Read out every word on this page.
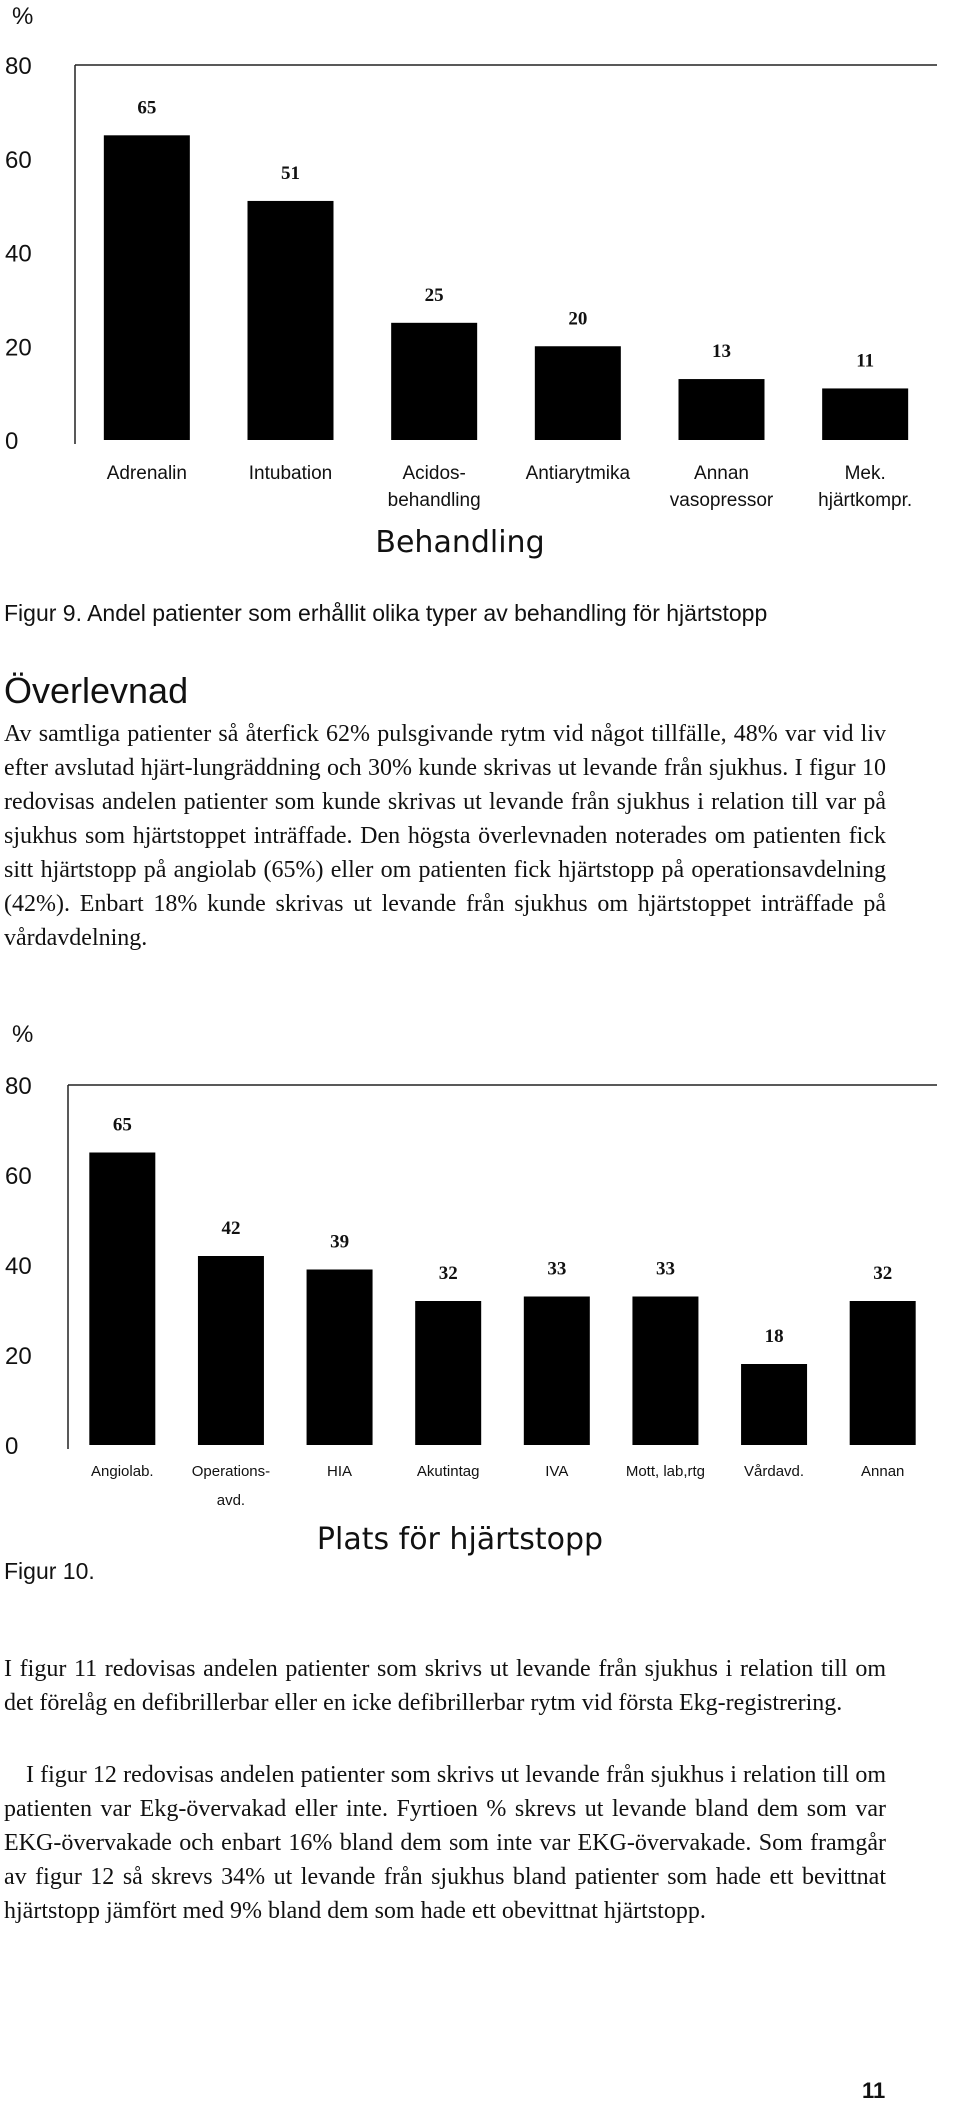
%
0
20
40
60
80
65
Adrenalin
51
Intubation
25
Acidos-
behandling
20
Antiarytmika
13
Annan
vasopressor
11
Mek.
hjärtkompr.
Behandling
Figur 9. Andel patienter som erhållit olika typer av behandling för hjärtstopp
Överlevnad

Av samtliga patienter så återfick 62% pulsgivande rytm vid något tillfälle, 48% var vid liv efter avslutad hjärt-lungräddning och 30% kunde skrivas ut levande från sjukhus. I figur 10 redovisas andelen patienter som kunde skrivas ut levande från sjukhus i relation till var på sjukhus som hjärtstoppet inträffade. Den högsta överlevnaden noterades om patienten fick sitt hjärtstopp på angiolab (65%) eller om patienten fick hjärtstopp på operationsavdelning (42%). Enbart 18% kunde skrivas ut levande från sjukhus om hjärtstoppet inträffade på vårdavdelning.

%
0
20
40
60
80
65
Angiolab.
42
Operations-
avd.
39
HIA
32
Akutintag
33
IVA
33
Mott, lab,rtg
18
Vårdavd.
32
Annan
Plats för hjärtstopp
Figur 10.

I figur 11 redovisas andelen patienter som skrivs ut levande från sjukhus i relation till om det förelåg en defibrillerbar eller en icke defibrillerbar rytm vid första Ekg-registrering.

I figur 12 redovisas andelen patienter som skrivs ut levande från sjukhus i relation till om patienten var Ekg-övervakad eller inte. Fyrtioen % skrevs ut levande bland dem som var EKG-övervakade och enbart 16% bland dem som inte var EKG-övervakade. Som framgår av figur 12 så skrevs 34% ut levande från sjukhus bland patienter som hade ett bevittnat hjärtstopp jämfört med 9% bland dem som hade ett obevittnat hjärtstopp.

11
